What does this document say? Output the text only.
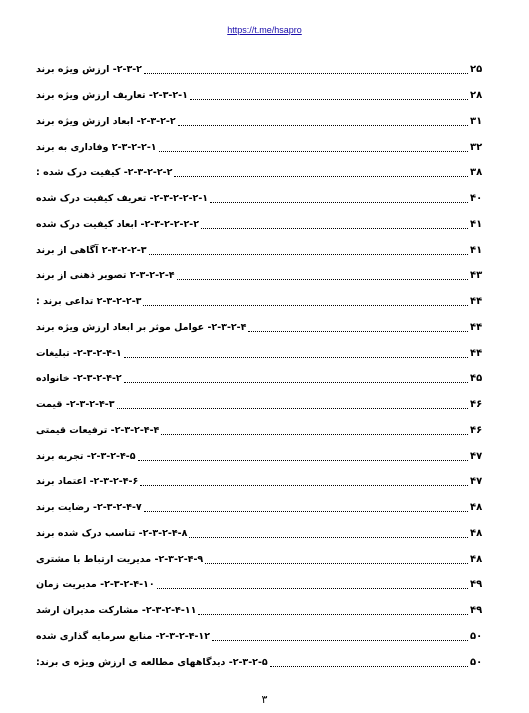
https://t.me/hsapro
۲-۳-۲- ارزش ویژه برند	۲۵
۲-۳-۲-۱- تعاریف ارزش ویژه برند	۲۸
۲-۳-۲-۲- ابعاد ارزش ویژه برند	۳۱
۲-۳-۲-۲-۱ وفاداری به برند	۳۲
۲-۳-۲-۲-۲- کیفیت درک شده :	۳۸
۲-۳-۲-۲-۲-۱- تعریف کیفیت درک شده	۴۰
۲-۳-۲-۲-۲-۲- ابعاد کیفیت درک شده	۴۱
۲-۳-۲-۲-۳ آگاهی از برند	۴۱
۲-۳-۲-۲-۴ تصویر ذهنی از برند	۴۳
۲-۳-۲-۲-۳ تداعی برند :	۴۴
۲-۳-۲-۴- عوامل موثر بر ابعاد ارزش ویژه برند	۴۴
۲-۳-۲-۴-۱- تبلیغات	۴۴
۲-۳-۲-۴-۲- خانواده	۴۵
۲-۳-۲-۴-۳- قیمت	۴۶
۲-۳-۲-۴-۴- ترفیعات قیمتی	۴۶
۲-۳-۲-۴-۵- تجربه برند	۴۷
۲-۳-۲-۴-۶- اعتماد برند	۴۷
۲-۳-۲-۴-۷- رضایت برند	۴۸
۲-۳-۲-۴-۸- تناسب درک شده برند	۴۸
۲-۳-۲-۴-۹- مدیریت ارتباط با مشتری	۴۸
۲-۳-۲-۴-۱۰- مدیریت زمان	۴۹
۲-۳-۲-۴-۱۱- مشارکت مدیران ارشد	۴۹
۲-۳-۲-۴-۱۲- منابع سرمایه گذاری شده	۵۰
۲-۳-۲-۵- دیدگاههای مطالعه ی ارزش ویژه ی برند:	۵۰
۳
